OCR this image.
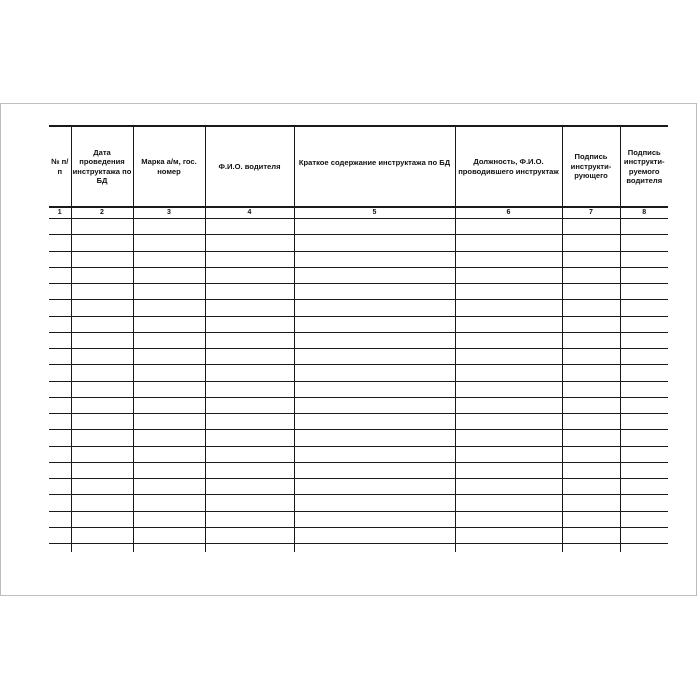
№ п/п	Дата проведения инструктажа по БД	Марка а/м, гос. номер	Ф.И.О. водителя	Краткое содержание инструктажа по БД	Должность, Ф.И.О. проводившего инструктаж	Подпись инструкти-рующего	Подпись инструкти-руемого водителя
1	2	3	4	5	6	7	8
